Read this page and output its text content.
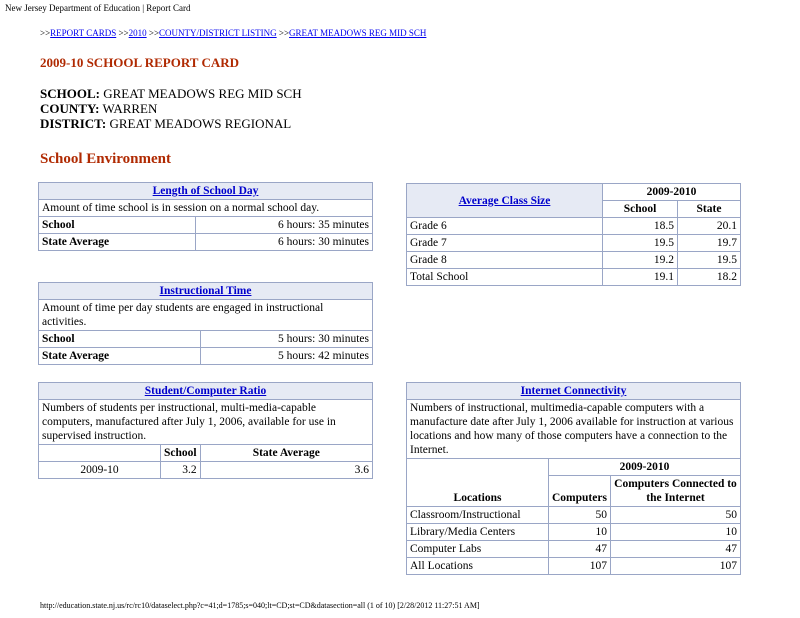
New Jersey Department of Education | Report Card
>>REPORT CARDS >>2010 >>COUNTY/DISTRICT LISTING >>GREAT MEADOWS REG MID SCH
2009-10 SCHOOL REPORT CARD
SCHOOL: GREAT MEADOWS REG MID SCH
COUNTY: WARREN
DISTRICT: GREAT MEADOWS REGIONAL
School Environment
Length of School Day	
Amount of time school is in session on a normal school day.	
School	6 hours: 35 minutes
State Average	6 hours: 30 minutes
Instructional Time	
Amount of time per day students are engaged in instructional activities.	
School	5 hours: 30 minutes
State Average	5 hours: 42 minutes
Student/Computer Ratio		
Numbers of students per instructional, multi-media-capable computers, manufactured after July 1, 2006, available for use in supervised instruction.		
	School	State Average
2009-10	3.2	3.6
Average Class Size	2009-2010	
	School	State
Grade 6	18.5	20.1
Grade 7	19.5	19.7
Grade 8	19.2	19.5
Total School	19.1	18.2
Internet Connectivity		
Numbers of instructional, multimedia-capable computers with a manufacture date after July 1, 2006 available for instruction at various locations and how many of those computers have a connection to the Internet.		
Locations	2009-2010	
	Computers	Computers Connected to the Internet
Classroom/Instructional	50	50
Library/Media Centers	10	10
Computer Labs	47	47
All Locations	107	107
http://education.state.nj.us/rc/rc10/dataselect.php?c=41;d=1785;s=040;lt=CD;st=CD&datasection=all (1 of 10) [2/28/2012 11:27:51 AM]
